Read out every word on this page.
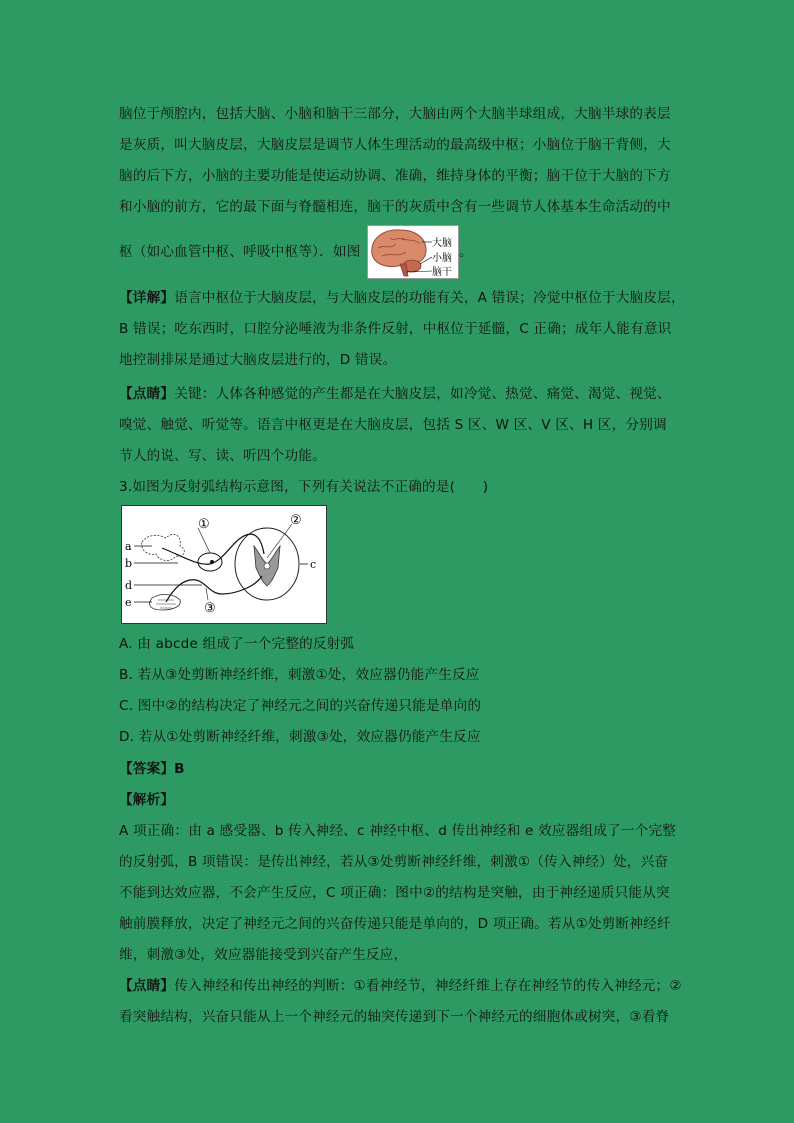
脑位于颅腔内，包括大脑、小脑和脑干三部分，大脑由两个大脑半球组成，大脑半球的表层
是灰质，叫大脑皮层，大脑皮层是调节人体生理活动的最高级中枢；小脑位于脑干背侧，大
脑的后下方，小脑的主要功能是使运动协调、准确，维持身体的平衡；脑干位于大脑的下方
和小脑的前方，它的最下面与脊髓相连，脑干的灰质中含有一些调节人体基本生命活动的中
枢（如心血管中枢、呼吸中枢等）．如图	。
大脑
小脑
脑干
【详解】语言中枢位于大脑皮层，与大脑皮层的功能有关，A 错误；冷觉中枢位于大脑皮层，
B 错误；吃东西时，口腔分泌唾液为非条件反射，中枢位于延髓，C 正确；成年人能有意识
地控制排尿是通过大脑皮层进行的，D 错误。
【点睛】关键：人体各种感觉的产生都是在大脑皮层，如冷觉、热觉、痛觉、渴觉、视觉、
嗅觉、触觉、听觉等。语言中枢更是在大脑皮层，包括 S 区、W 区、V 区、H 区，分别调
节人的说、写、读、听四个功能。
3.如图为反射弧结构示意图，下列有关说法不正确的是(　　)
a
b	c
d
e
①	②
③
A. 由 abcde 组成了一个完整的反射弧
B. 若从③处剪断神经纤维，刺激①处，效应器仍能产生反应
C. 图中②的结构决定了神经元之间的兴奋传递只能是单向的
D. 若从①处剪断神经纤维，刺激③处，效应器仍能产生反应
【答案】B
【解析】
A 项正确：由 a 感受器、b 传入神经、c 神经中枢、d 传出神经和 e 效应器组成了一个完整
的反射弧，B 项错误：是传出神经，若从③处剪断神经纤维，刺激①（传入神经）处，兴奋
不能到达效应器，不会产生反应，C 项正确：图中②的结构是突触，由于神经递质只能从突
触前膜释放，决定了神经元之间的兴奋传递只能是单向的，D 项正确。若从①处剪断神经纤
维，刺激③处，效应器能接受到兴奋产生反应，
【点睛】传入神经和传出神经的判断：①看神经节，神经纤维上存在神经节的传入神经元；②
看突触结构，兴奋只能从上一个神经元的轴突传递到下一个神经元的细胞体或树突，③看脊
